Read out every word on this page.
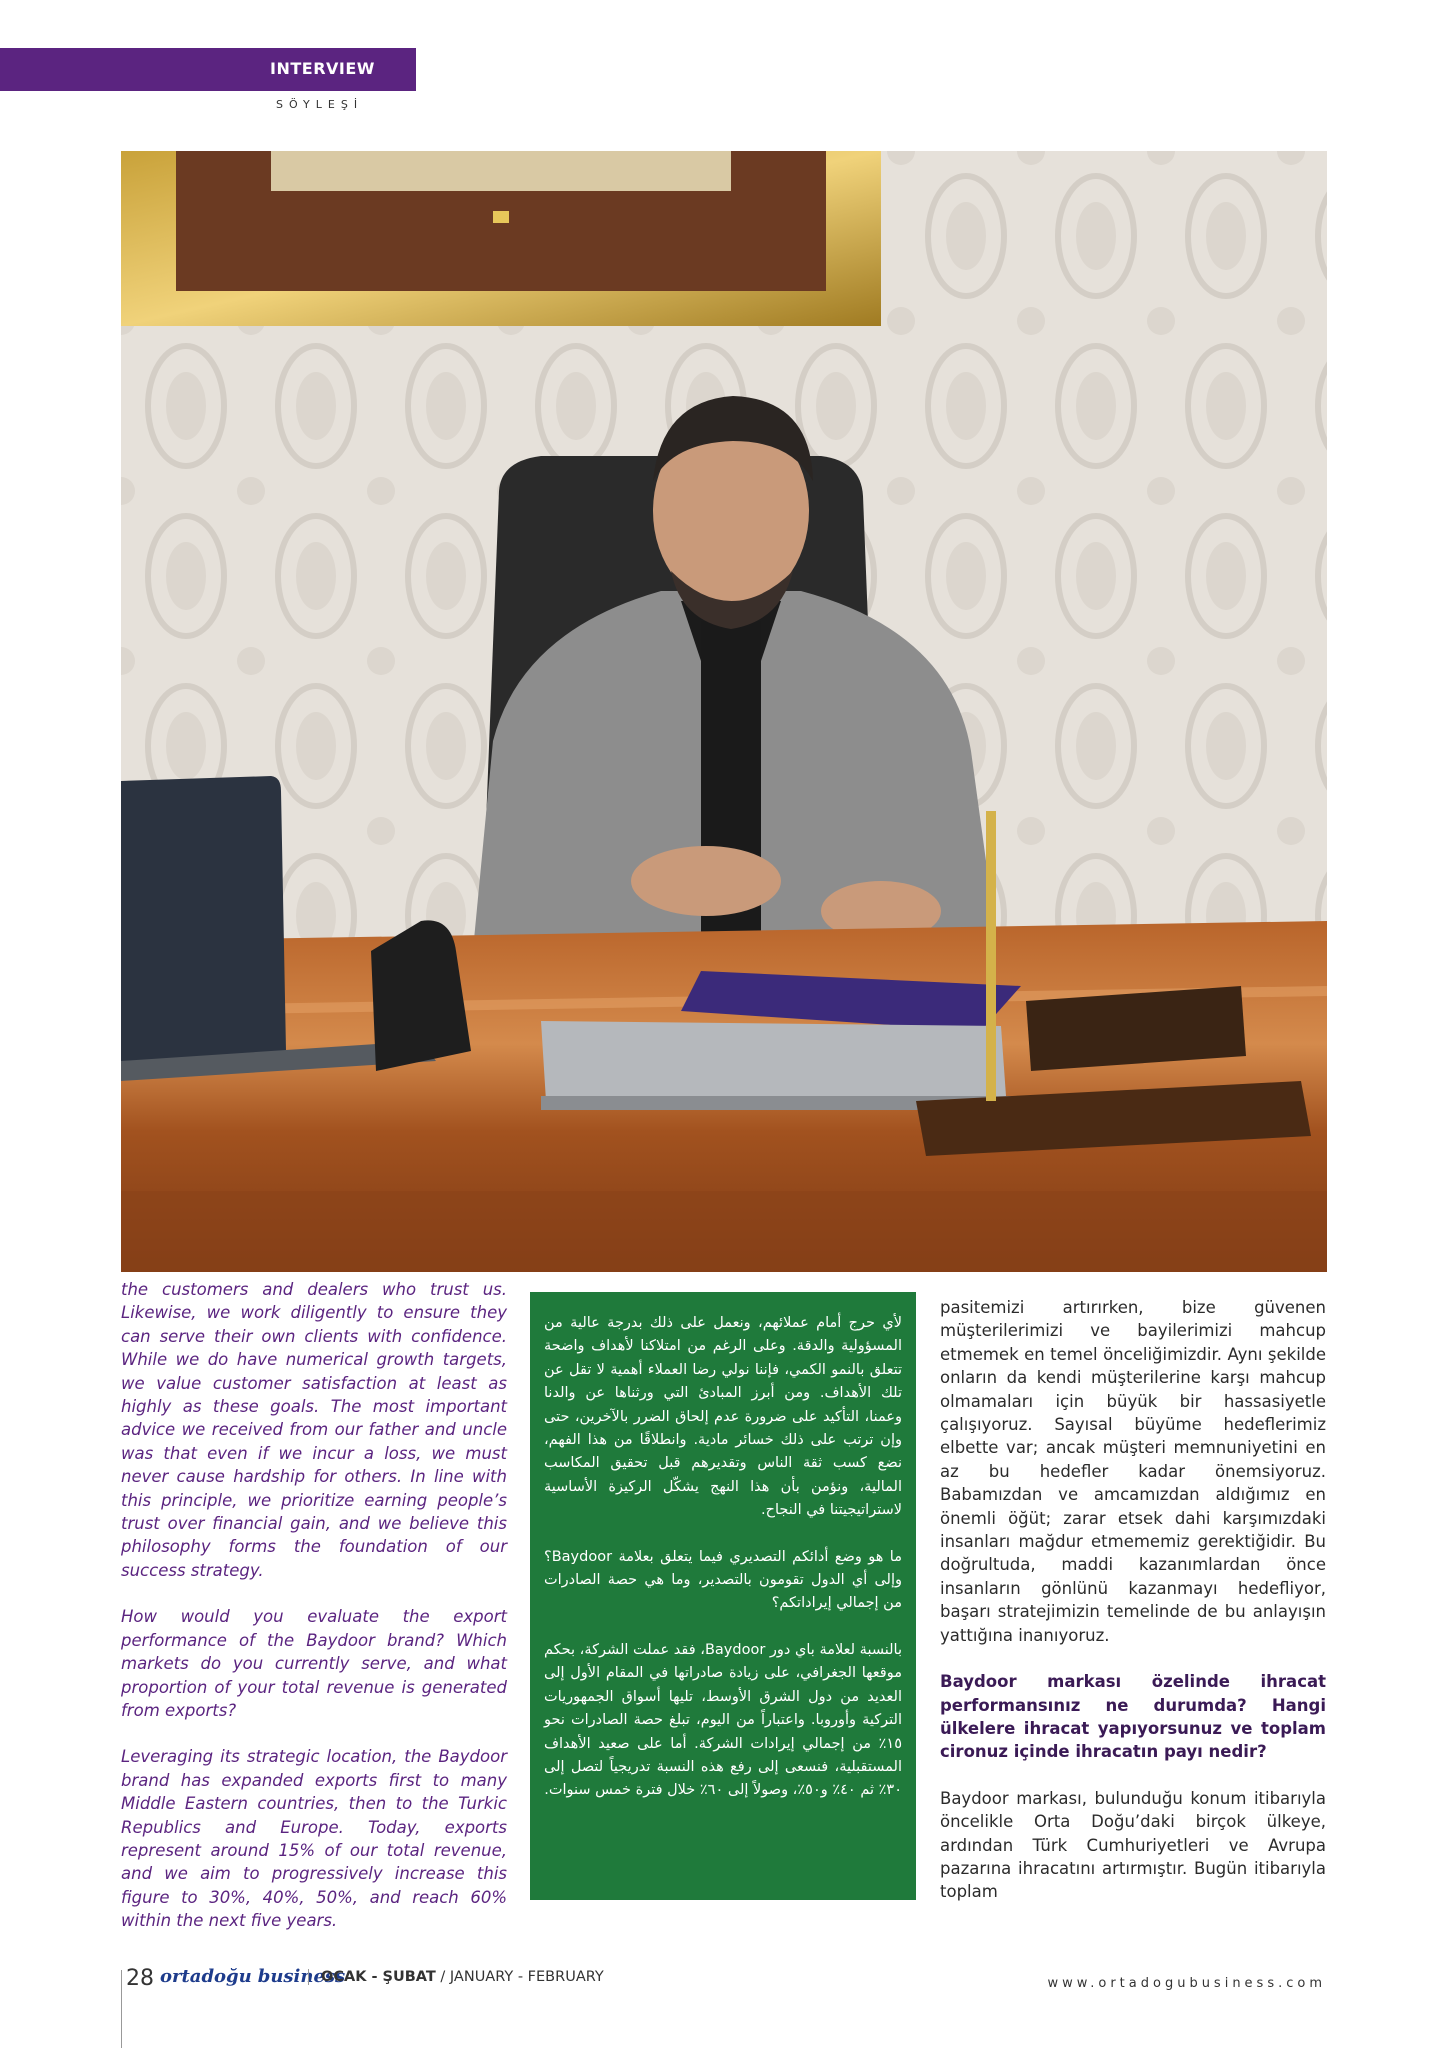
INTERVIEW
SÖYLEŞİ

the customers and dealers who trust us. Likewise, we work diligently to ensure they can serve their own clients with confidence. While we do have numerical growth targets, we value customer satisfaction at least as highly as these goals. The most important advice we received from our father and uncle was that even if we incur a loss, we must never cause hardship for others. In line with this principle, we prioritize earning people’s trust over financial gain, and we believe this philosophy forms the foundation of our success strategy.

How would you evaluate the export performance of the Baydoor brand? Which markets do you currently serve, and what proportion of your total revenue is generated from exports?

Leveraging its strategic location, the Baydoor brand has expanded exports first to many Middle Eastern countries, then to the Turkic Republics and Europe. Today, exports represent around 15% of our total revenue, and we aim to progressively increase this figure to 30%, 40%, 50%, and reach 60% within the next five years.

لأي حرج أمام عملائهم، ونعمل على ذلك بدرجة عالية من المسؤولية والدقة. وعلى الرغم من امتلاكنا لأهداف واضحة تتعلق بالنمو الكمي، فإننا نولي رضا العملاء أهمية لا تقل عن تلك الأهداف. ومن أبرز المبادئ التي ورثناها عن والدنا وعمنا، التأكيد على ضرورة عدم إلحاق الضرر بالآخرين، حتى وإن ترتب على ذلك خسائر مادية. وانطلاقًا من هذا الفهم، نضع كسب ثقة الناس وتقديرهم قبل تحقيق المكاسب المالية، ونؤمن بأن هذا النهج يشكّل الركيزة الأساسية لاستراتيجيتنا في النجاح.

ما هو وضع أدائكم التصديري فيما يتعلق بعلامة Baydoor؟ وإلى أي الدول تقومون بالتصدير، وما هي حصة الصادرات من إجمالي إيراداتكم؟

بالنسبة لعلامة باي دور Baydoor، فقد عملت الشركة، بحكم موقعها الجغرافي، على زيادة صادراتها في المقام الأول إلى العديد من دول الشرق الأوسط، تليها أسواق الجمهوريات التركية وأوروبا. واعتباراً من اليوم، تبلغ حصة الصادرات نحو ١٥٪ من إجمالي إيرادات الشركة. أما على صعيد الأهداف المستقبلية، فنسعى إلى رفع هذه النسبة تدريجياً لتصل إلى ٣٠٪ ثم ٤٠٪ و٥٠٪، وصولاً إلى ٦٠٪ خلال فترة خمس سنوات.

pasitemizi artırırken, bize güvenen müşterilerimizi ve bayilerimizi mahcup etmemek en temel önceliğimizdir. Aynı şekilde onların da kendi müşterilerine karşı mahcup olmamaları için büyük bir hassasiyetle çalışıyoruz. Sayısal büyüme hedeflerimiz elbette var; ancak müşteri memnuniyetini en az bu hedefler kadar önemsiyoruz. Babamızdan ve amcamızdan aldığımız en önemli öğüt; zarar etsek dahi karşımızdaki insanları mağdur etmememiz gerektiğidir. Bu doğrultuda, maddi kazanımlardan önce insanların gönlünü kazanmayı hedefliyor, başarı stratejimizin temelinde de bu anlayışın yattığına inanıyoruz.

Baydoor markası özelinde ihracat performansınız ne durumda? Hangi ülkelere ihracat yapıyorsunuz ve toplam cironuz içinde ihracatın payı nedir?

Baydoor markası, bulunduğu konum itibarıyla öncelikle Orta Doğu’daki birçok ülkeye, ardından Türk Cumhuriyetleri ve Avrupa pazarına ihracatını artırmıştır. Bugün itibarıyla toplam

28 ortadoğu business
OCAK - ŞUBAT / JANUARY - FEBRUARY	www.ortadogubusiness.com
